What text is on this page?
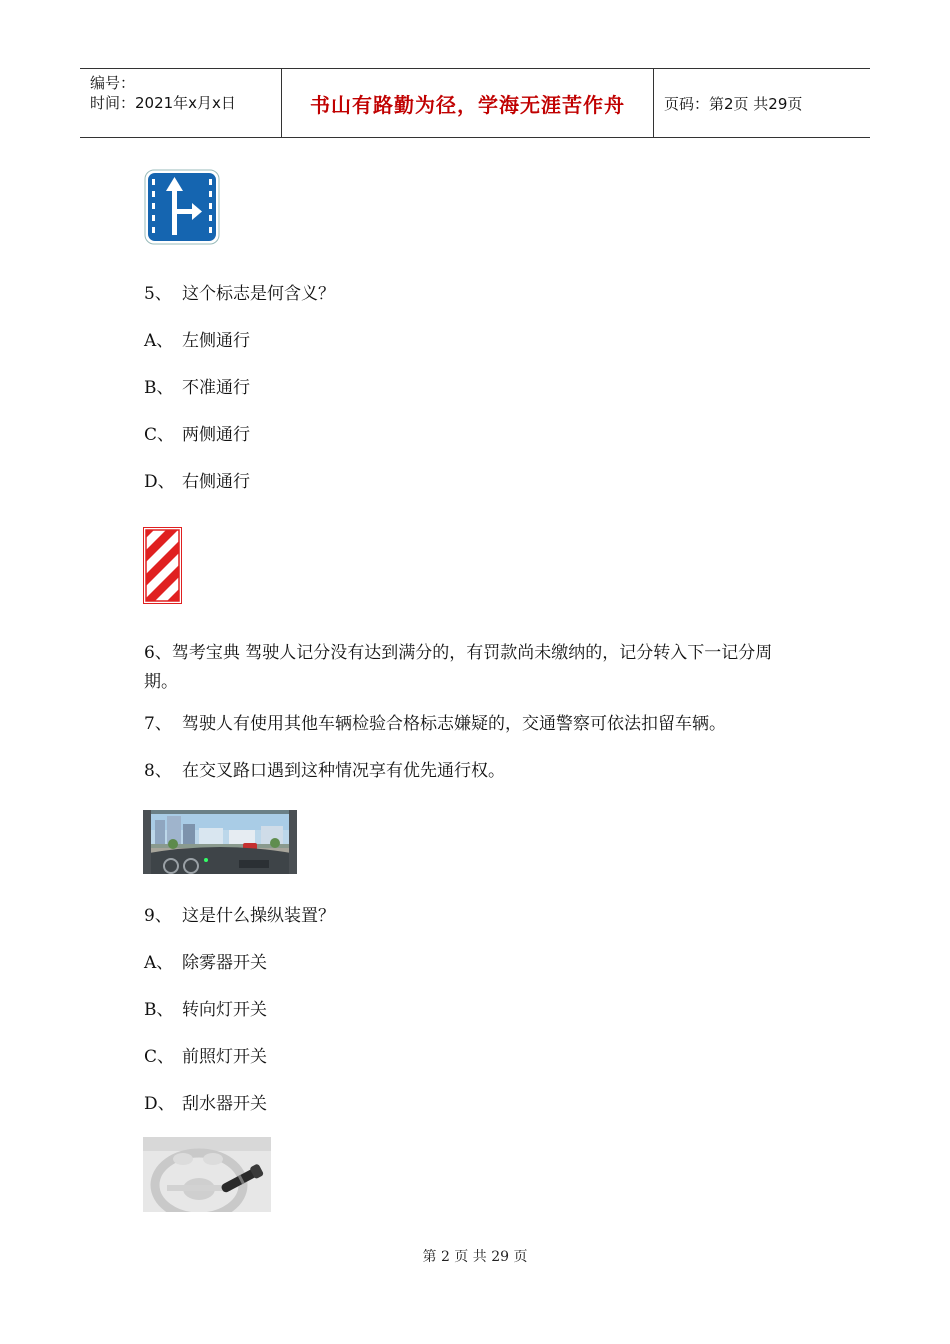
编号：
时间：2021年x月x日	书山有路勤为径，学海无涯苦作舟	页码：第2页 共29页
5、 这个标志是何含义？
A、 左侧通行
B、 不准通行
C、 两侧通行
D、 右侧通行
6、驾考宝典 驾驶人记分没有达到满分的，有罚款尚未缴纳的，记分转入下一记分周期。
7、 驾驶人有使用其他车辆检验合格标志嫌疑的，交通警察可依法扣留车辆。
8、 在交叉路口遇到这种情况享有优先通行权。
9、 这是什么操纵装置？
A、 除雾器开关
B、 转向灯开关
C、 前照灯开关
D、 刮水器开关
第 2 页 共 29 页
